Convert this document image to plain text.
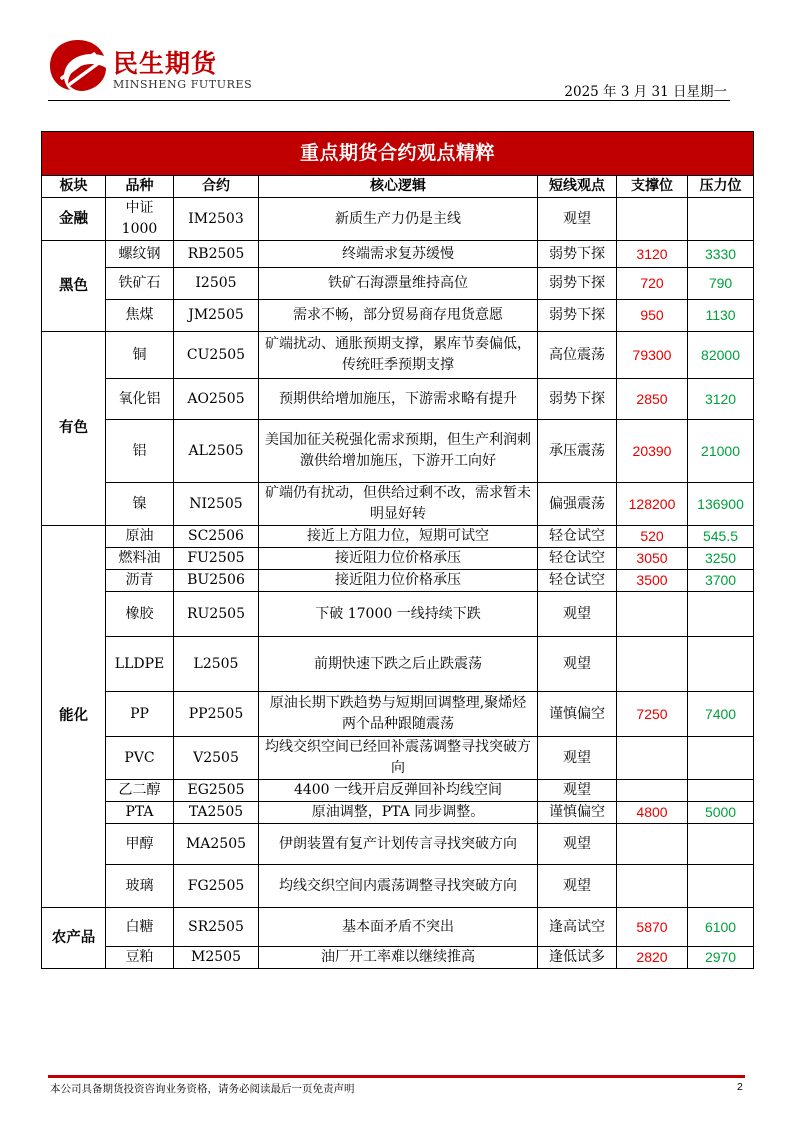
民生期货
MINSHENG FUTURES	2025 年 3 月 31 日星期一
重点期货合约观点精粹						
板块	品种	合约	核心逻辑	短线观点	支撑位	压力位
金融	中证1000	IM2503	新质生产力仍是主线	观望		
黑色	螺纹钢	RB2505	终端需求复苏缓慢	弱势下探	3120	3330
	铁矿石	I2505	铁矿石海漂量维持高位	弱势下探	720	790
	焦煤	JM2505	需求不畅，部分贸易商存甩货意愿	弱势下探	950	1130
有色	铜	CU2505	矿端扰动、通胀预期支撑，累库节奏偏低，传统旺季预期支撑	高位震荡	79300	82000
	氧化铝	AO2505	预期供给增加施压，下游需求略有提升	弱势下探	2850	3120
	铝	AL2505	美国加征关税强化需求预期，但生产利润刺激供给增加施压，下游开工向好	承压震荡	20390	21000
	镍	NI2505	矿端仍有扰动，但供给过剩不改，需求暂未明显好转	偏强震荡	128200	136900
能化	原油	SC2506	接近上方阻力位，短期可试空	轻仓试空	520	545.5
	燃料油	FU2505	接近阻力位价格承压	轻仓试空	3050	3250
	沥青	BU2506	接近阻力位价格承压	轻仓试空	3500	3700
	橡胶	RU2505	下破 17000 一线持续下跌	观望		
	LLDPE	L2505	前期快速下跌之后止跌震荡	观望		
	PP	PP2505	原油长期下跌趋势与短期回调整理,聚烯烃两个品种跟随震荡	谨慎偏空	7250	7400
	PVC	V2505	均线交织空间已经回补震荡调整寻找突破方向	观望		
	乙二醇	EG2505	4400 一线开启反弹回补均线空间	观望		
	PTA	TA2505	原油调整，PTA 同步调整。	谨慎偏空	4800	5000
	甲醇	MA2505	伊朗装置有复产计划传言寻找突破方向	观望		
	玻璃	FG2505	均线交织空间内震荡调整寻找突破方向	观望		
农产品	白糖	SR2505	基本面矛盾不突出	逢高试空	5870	6100
	豆粕	M2505	油厂开工率难以继续推高	逢低试多	2820	2970
本公司具备期货投资咨询业务资格，请务必阅读最后一页免责声明	2
